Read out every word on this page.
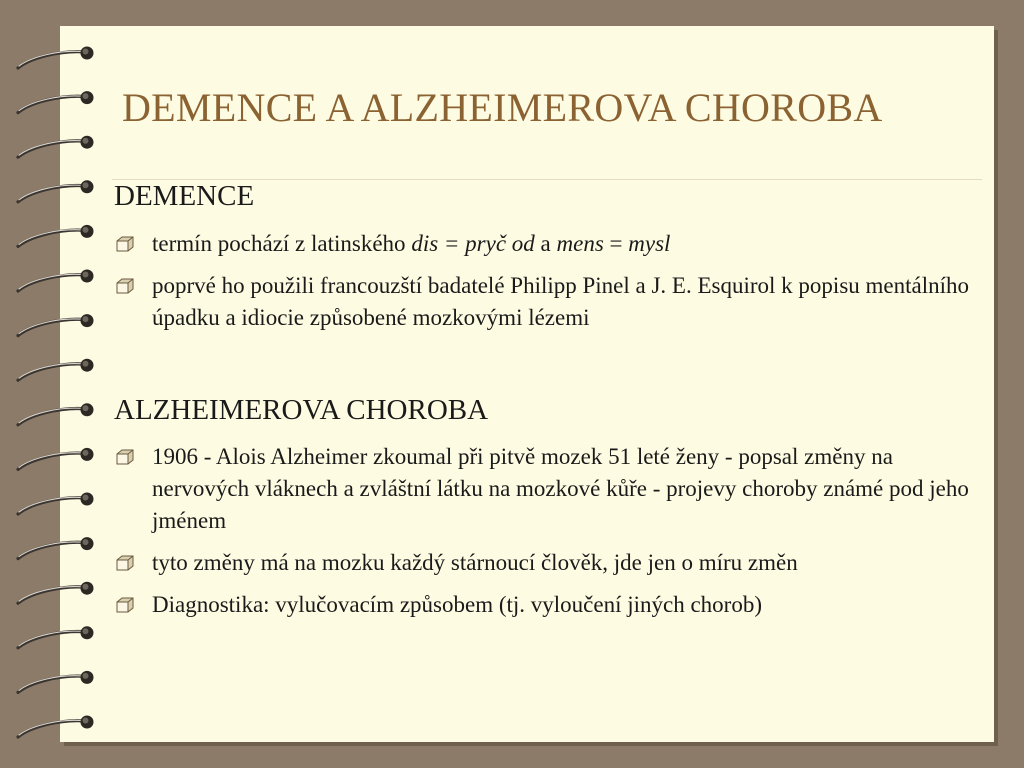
DEMENCE A ALZHEIMEROVA CHOROBA
DEMENCE
termín pochází z latinského dis = pryč od a mens = mysl
poprvé ho použili francouzští badatelé Philipp Pinel a J. E. Esquirol k popisu mentálního úpadku a idiocie způsobené mozkovými lézemi
ALZHEIMEROVA CHOROBA
1906 - Alois Alzheimer zkoumal při pitvě mozek 51 leté ženy - popsal změny na nervových vláknech a zvláštní látku na mozkové kůře - projevy choroby známé pod jeho jménem
tyto změny má na mozku každý stárnoucí člověk, jde jen o míru změn
Diagnostika: vylučovacím způsobem (tj. vyloučení jiných chorob)
